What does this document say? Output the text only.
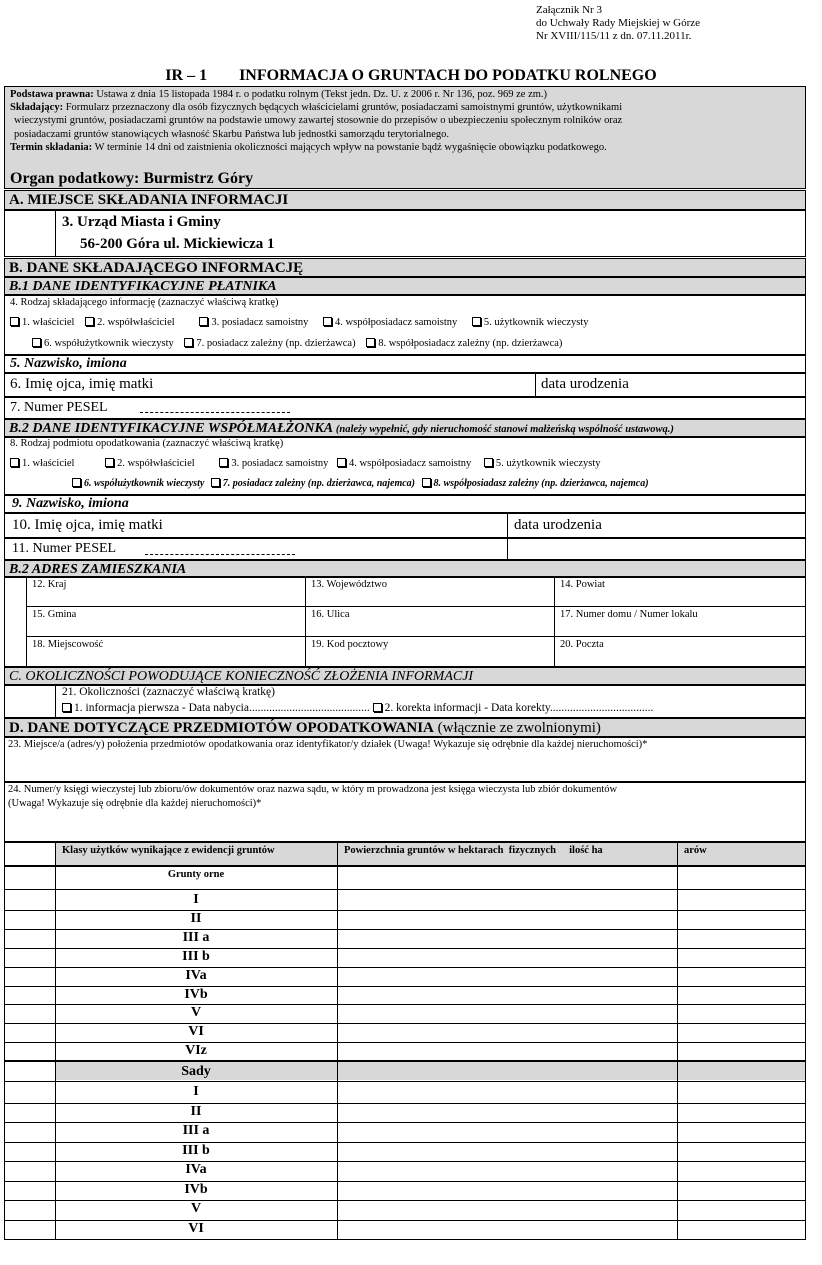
Załącznik Nr 3
do Uchwały Rady Miejskiej w Górze
Nr XVIII/115/11 z dn. 07.11.2011r.
IR – 1        INFORMACJA O GRUNTACH DO PODATKU ROLNEGO
Podstawa prawna: Ustawa z dnia 15 listopada 1984 r. o podatku rolnym (Tekst jedn. Dz. U. z 2006 r. Nr 136, poz. 969 ze zm.)
Składający: Formularz przeznaczony dla osób fizycznych będących właścicielami gruntów, posiadaczami samoistnymi gruntów, użytkownikami
wieczystymi gruntów, posiadaczami gruntów na podstawie umowy zawartej stosownie do przepisów o ubezpieczeniu społecznym rolników oraz
posiadaczami gruntów stanowiących własność Skarbu Państwa lub jednostki samorządu terytorialnego.
Termin składania: W terminie 14 dni od zaistnienia okoliczności mających wpływ na powstanie bądź wygaśnięcie obowiązku podatkowego.
Organ podatkowy: Burmistrz Góry
A. MIEJSCE SKŁADANIA INFORMACJI
3. Urząd Miasta i Gminy
56-200 Góra ul. Mickiewicza 1
B. DANE SKŁADAJĄCEGO INFORMACJĘ
B.1 DANE IDENTYFIKACYJNE PŁATNIKA
4. Rodzaj składającego informację (zaznaczyć właściwą kratkę)
1. właściciel 2. współwłaściciel	3. posiadacz samoistny	4. współposiadacz samoistny	5. użytkownik wieczysty
6. współużytkownik wieczysty 7. posiadacz zależny (np. dzierżawca) 8. współposiadacz zależny (np. dzierżawca)
5. Nazwisko, imiona
6. Imię ojca, imię matki	data urodzenia
7. Numer PESEL
B.2 DANE IDENTYFIKACYJNE WSPÓŁMAŁŻONKA (należy wypełnić, gdy nieruchomość stanowi małżeńską wspólność ustawową.)
8. Rodzaj podmiotu opodatkowania (zaznaczyć właściwą kratkę)
1. właściciel	2. współwłaściciel	3. posiadacz samoistny 4. współposiadacz samoistny 5. użytkownik wieczysty
6. współużytkownik wieczysty 7. posiadacz zależny (np. dzierżawca, najemca) 8. współposiadasz zależny (np. dzierżawca, najemca)
9. Nazwisko, imiona
10. Imię ojca, imię matki	data urodzenia
11. Numer PESEL
B.2 ADRES ZAMIESZKANIA
12. Kraj	13. Województwo	14. Powiat
15. Gmina	16. Ulica	17. Numer domu / Numer lokalu
18. Miejscowość	19. Kod pocztowy	20. Poczta
C. OKOLICZNOŚCI POWODUJĄCE KONIECZNOŚĆ ZŁOŻENIA INFORMACJI
21. Okoliczności (zaznaczyć właściwą kratkę)
1. informacja pierwsza - Data nabycia.......................................... 2. korekta informacji - Data korekty....................................
D. DANE DOTYCZĄCE PRZEDMIOTÓW OPODATKOWANIA (włącznie ze zwolnionymi)
23. Miejsce/a (adres/y) położenia przedmiotów opodatkowania oraz identyfikator/y działek (Uwaga! Wykazuje się odrębnie dla każdej nieruchomości)*
24. Numer/y księgi wieczystej lub zbioru/ów dokumentów oraz nazwa sądu, w który m prowadzona jest księga wieczysta lub zbiór dokumentów
(Uwaga! Wykazuje się odrębnie dla każdej nieruchomości)*
Klasy użytków wynikające z ewidencji gruntów	Powierzchnia gruntów w hektarach  fizycznych     ilość ha	arów
Grunty orne
I
II
III a
III b
IVa
IVb
V
VI
VIz
Sady
I
II
III a
III b
IVa
IVb
V
VI
